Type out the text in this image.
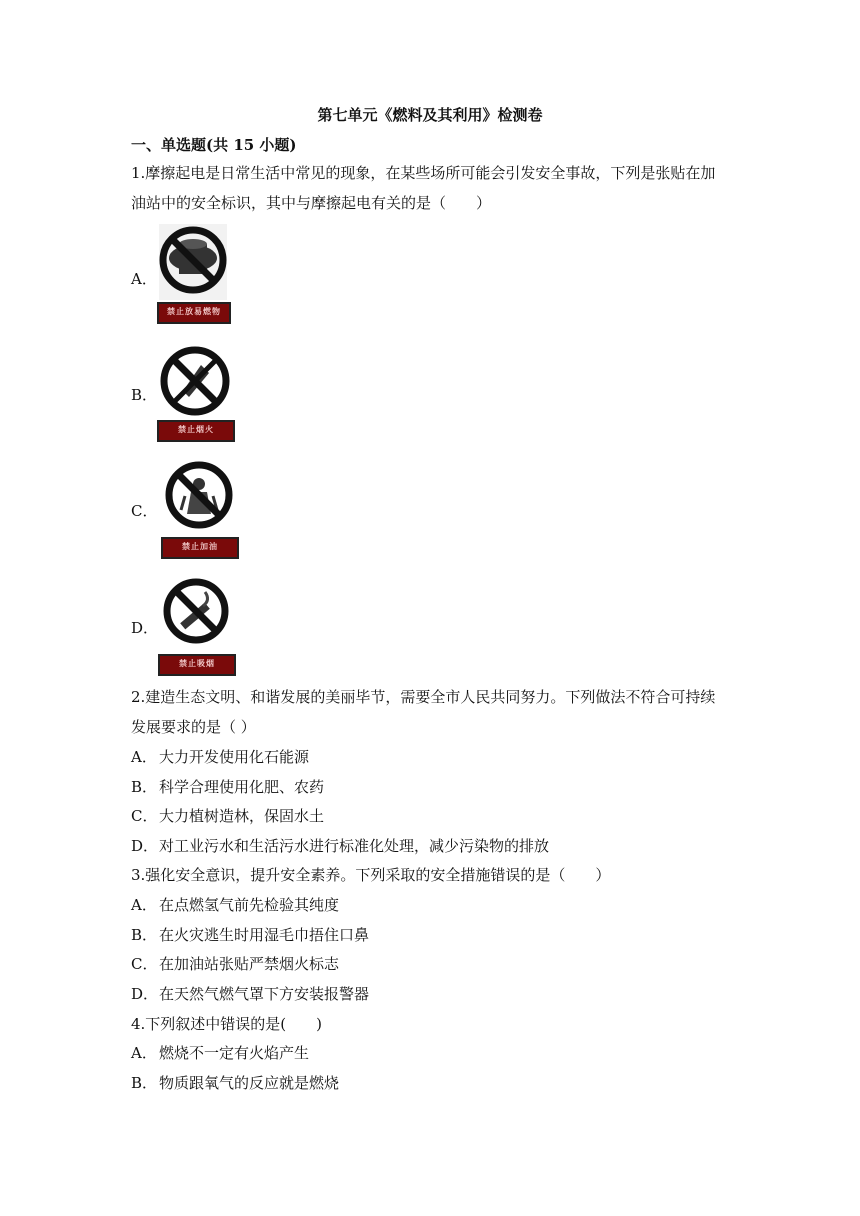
第七单元《燃料及其利用》检测卷
一、单选题(共 15 小题)
1.摩擦起电是日常生活中常见的现象，在某些场所可能会引发安全事故，下列是张贴在加
油站中的安全标识，其中与摩擦起电有关的是（　　）
A．
禁止放易燃物
B．
禁止烟火
C．
禁止加油
D．
禁止吸烟
2.建造生态文明、和谐发展的美丽毕节，需要全市人民共同努力。下列做法不符合可持续
发展要求的是（ ）
A． 大力开发使用化石能源
B． 科学合理使用化肥、农药
C． 大力植树造林，保固水土
D．对工业污水和生活污水进行标准化处理，减少污染物的排放
3.强化安全意识，提升安全素养。下列采取的安全措施错误的是（　　）
A． 在点燃氢气前先检验其纯度
B． 在火灾逃生时用湿毛巾捂住口鼻
C． 在加油站张贴严禁烟火标志
D．在天然气燃气罩下方安装报警器
4.下列叙述中错误的是(　　)
A． 燃烧不一定有火焰产生
B． 物质跟氧气的反应就是燃烧
